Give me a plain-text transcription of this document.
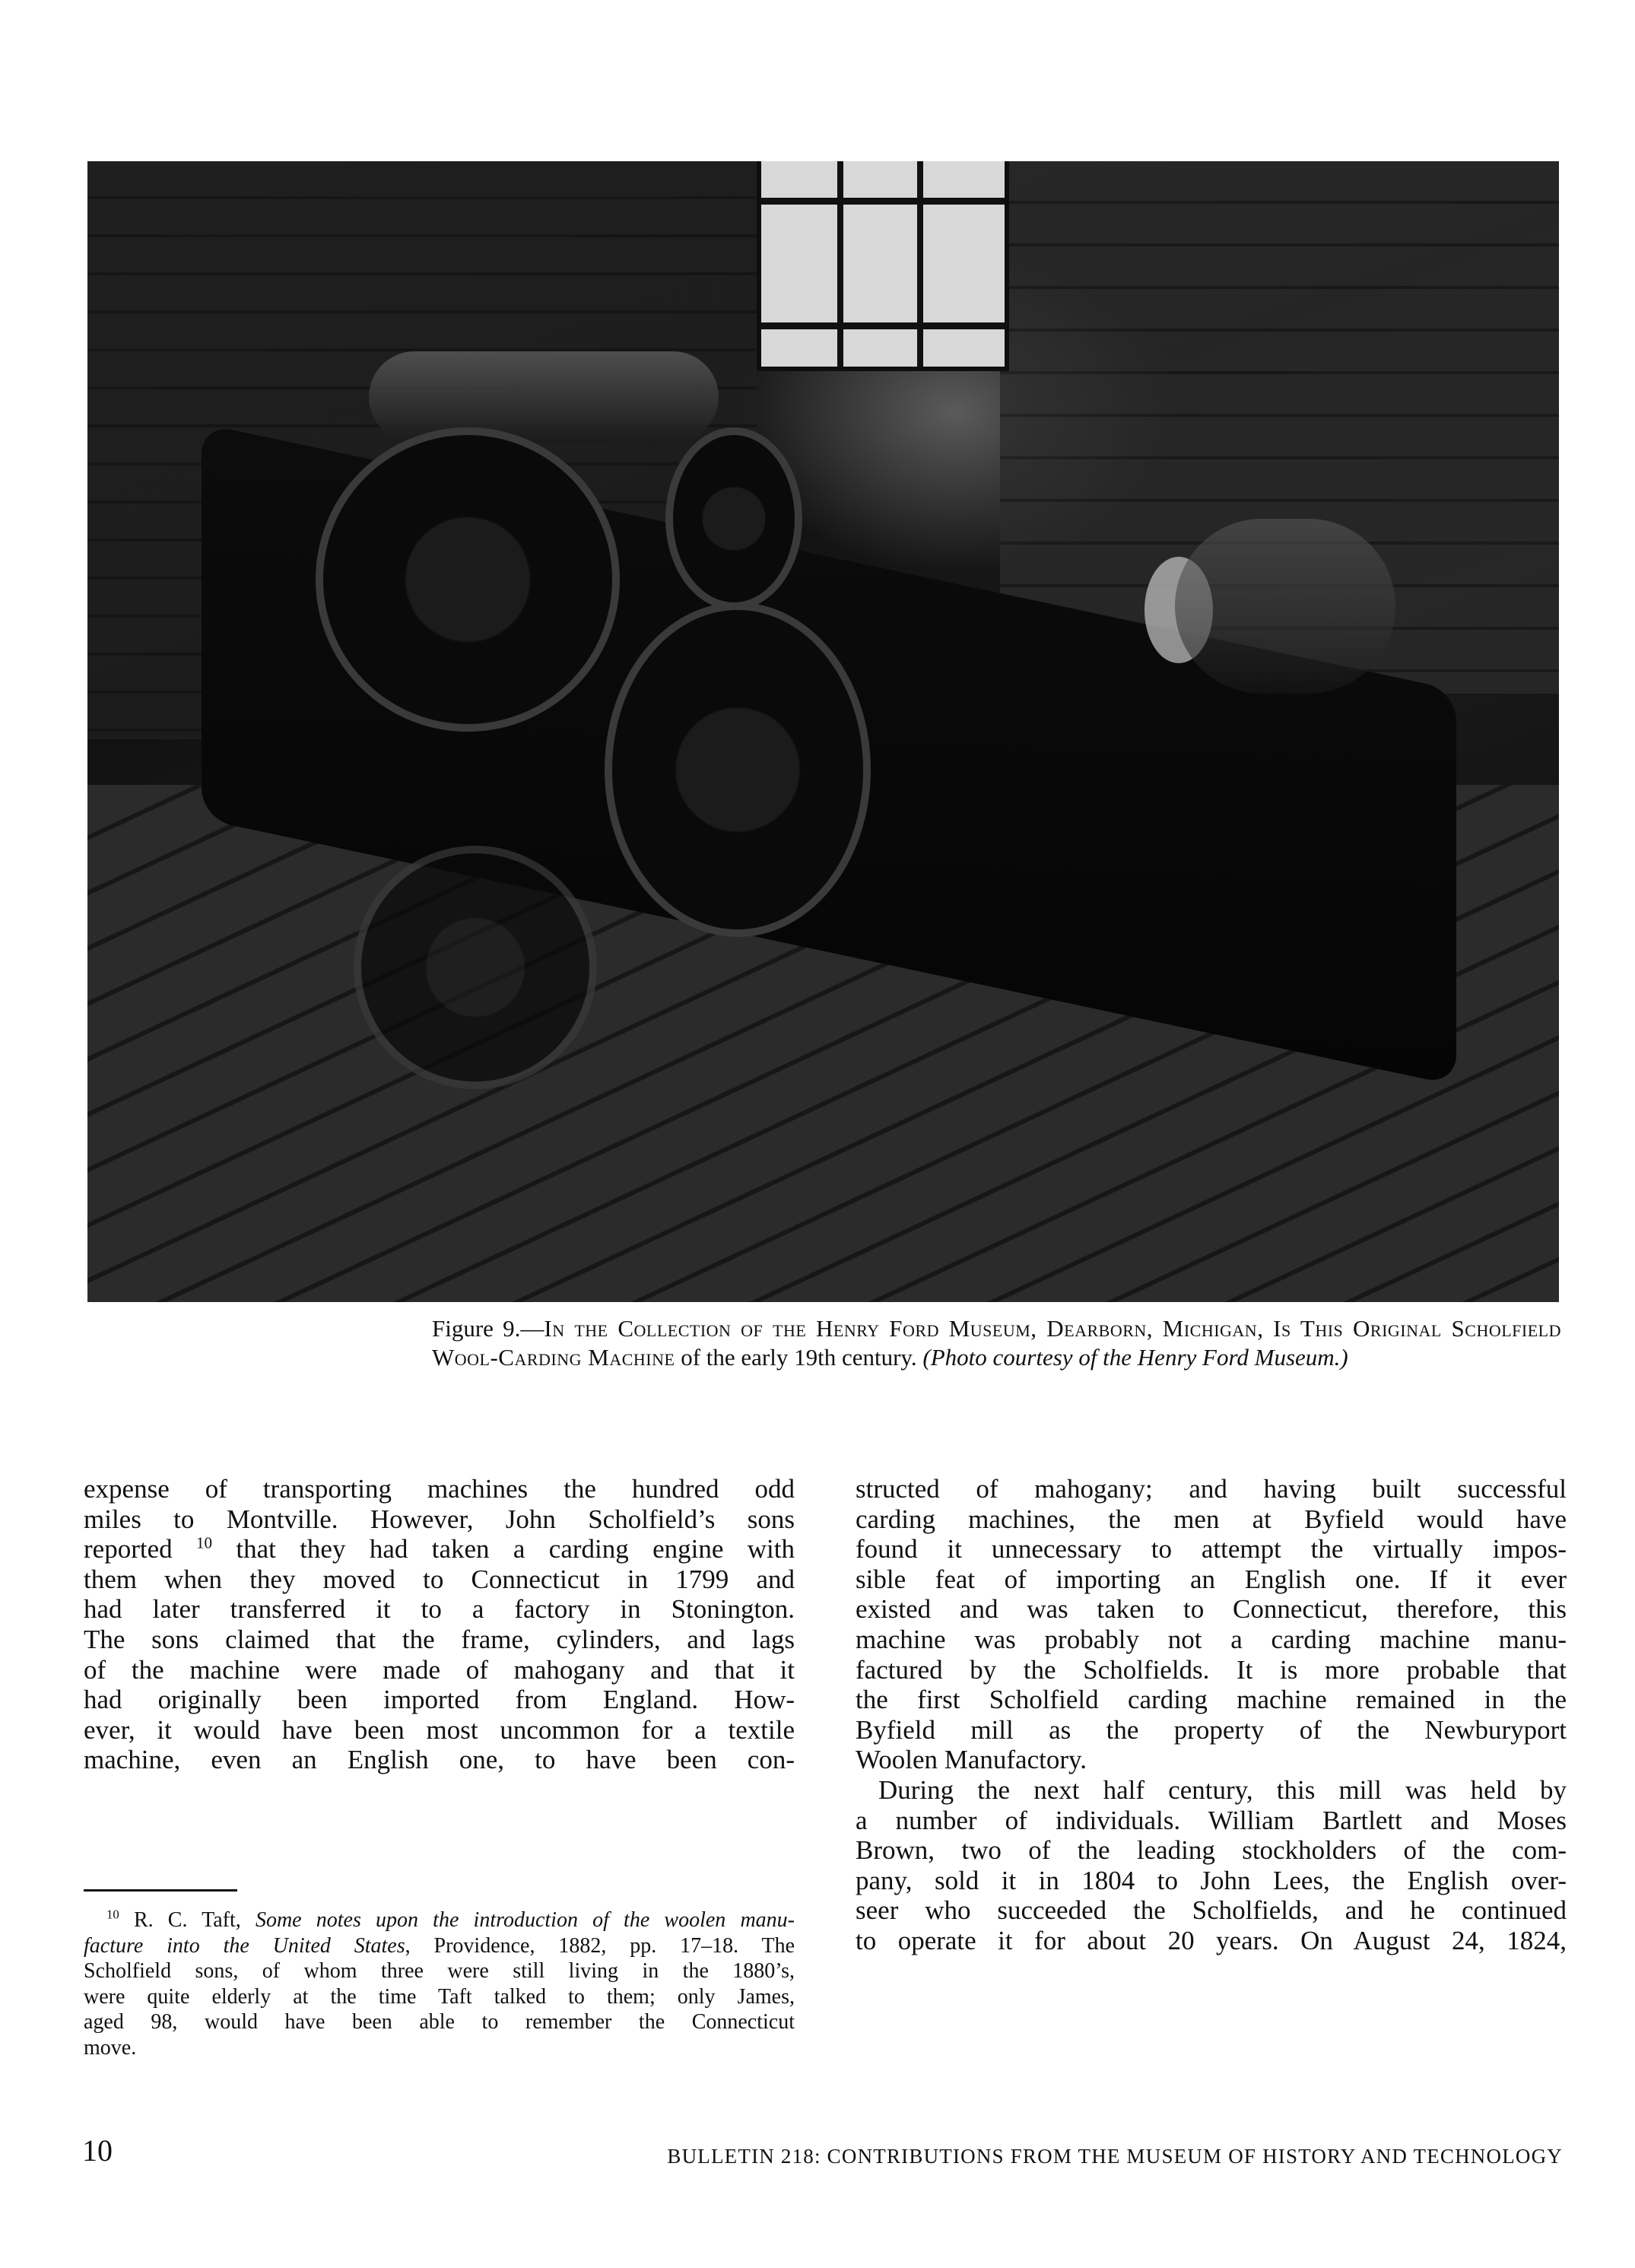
Figure 9.—In the Collection of the Henry Ford Museum, Dearborn, Michigan, Is This Original Scholfield Wool-Carding Machine of the early 19th century. (Photo courtesy of the Henry Ford Museum.)
expense of transporting machines the hundred odd
miles to Montville. However, John Scholfield’s sons
reported $^{10}$ that they had taken a carding engine with
them when they moved to Connecticut in 1799 and
had later transferred it to a factory in Stonington.
The sons claimed that the frame, cylinders, and lags
of the machine were made of mahogany and that it
had originally been imported from England. How-
ever, it would have been most uncommon for a textile
machine, even an English one, to have been con-
$^{10}$ R. C. Taft, Some notes upon the introduction of the woolen manu-
facture into the United States, Providence, 1882, pp. 17–18. The
Scholfield sons, of whom three were still living in the 1880’s,
were quite elderly at the time Taft talked to them; only James,
aged 98, would have been able to remember the Connecticut
move.
structed of mahogany; and having built successful
carding machines, the men at Byfield would have
found it unnecessary to attempt the virtually impos-
sible feat of importing an English one. If it ever
existed and was taken to Connecticut, therefore, this
machine was probably not a carding machine manu-
factured by the Scholfields. It is more probable that
the first Scholfield carding machine remained in the
Byfield mill as the property of the Newburyport
Woolen Manufactory.
During the next half century, this mill was held by
a number of individuals. William Bartlett and Moses
Brown, two of the leading stockholders of the com-
pany, sold it in 1804 to John Lees, the English over-
seer who succeeded the Scholfields, and he continued
to operate it for about 20 years. On August 24, 1824,
10	BULLETIN 218: CONTRIBUTIONS FROM THE MUSEUM OF HISTORY AND TECHNOLOGY
